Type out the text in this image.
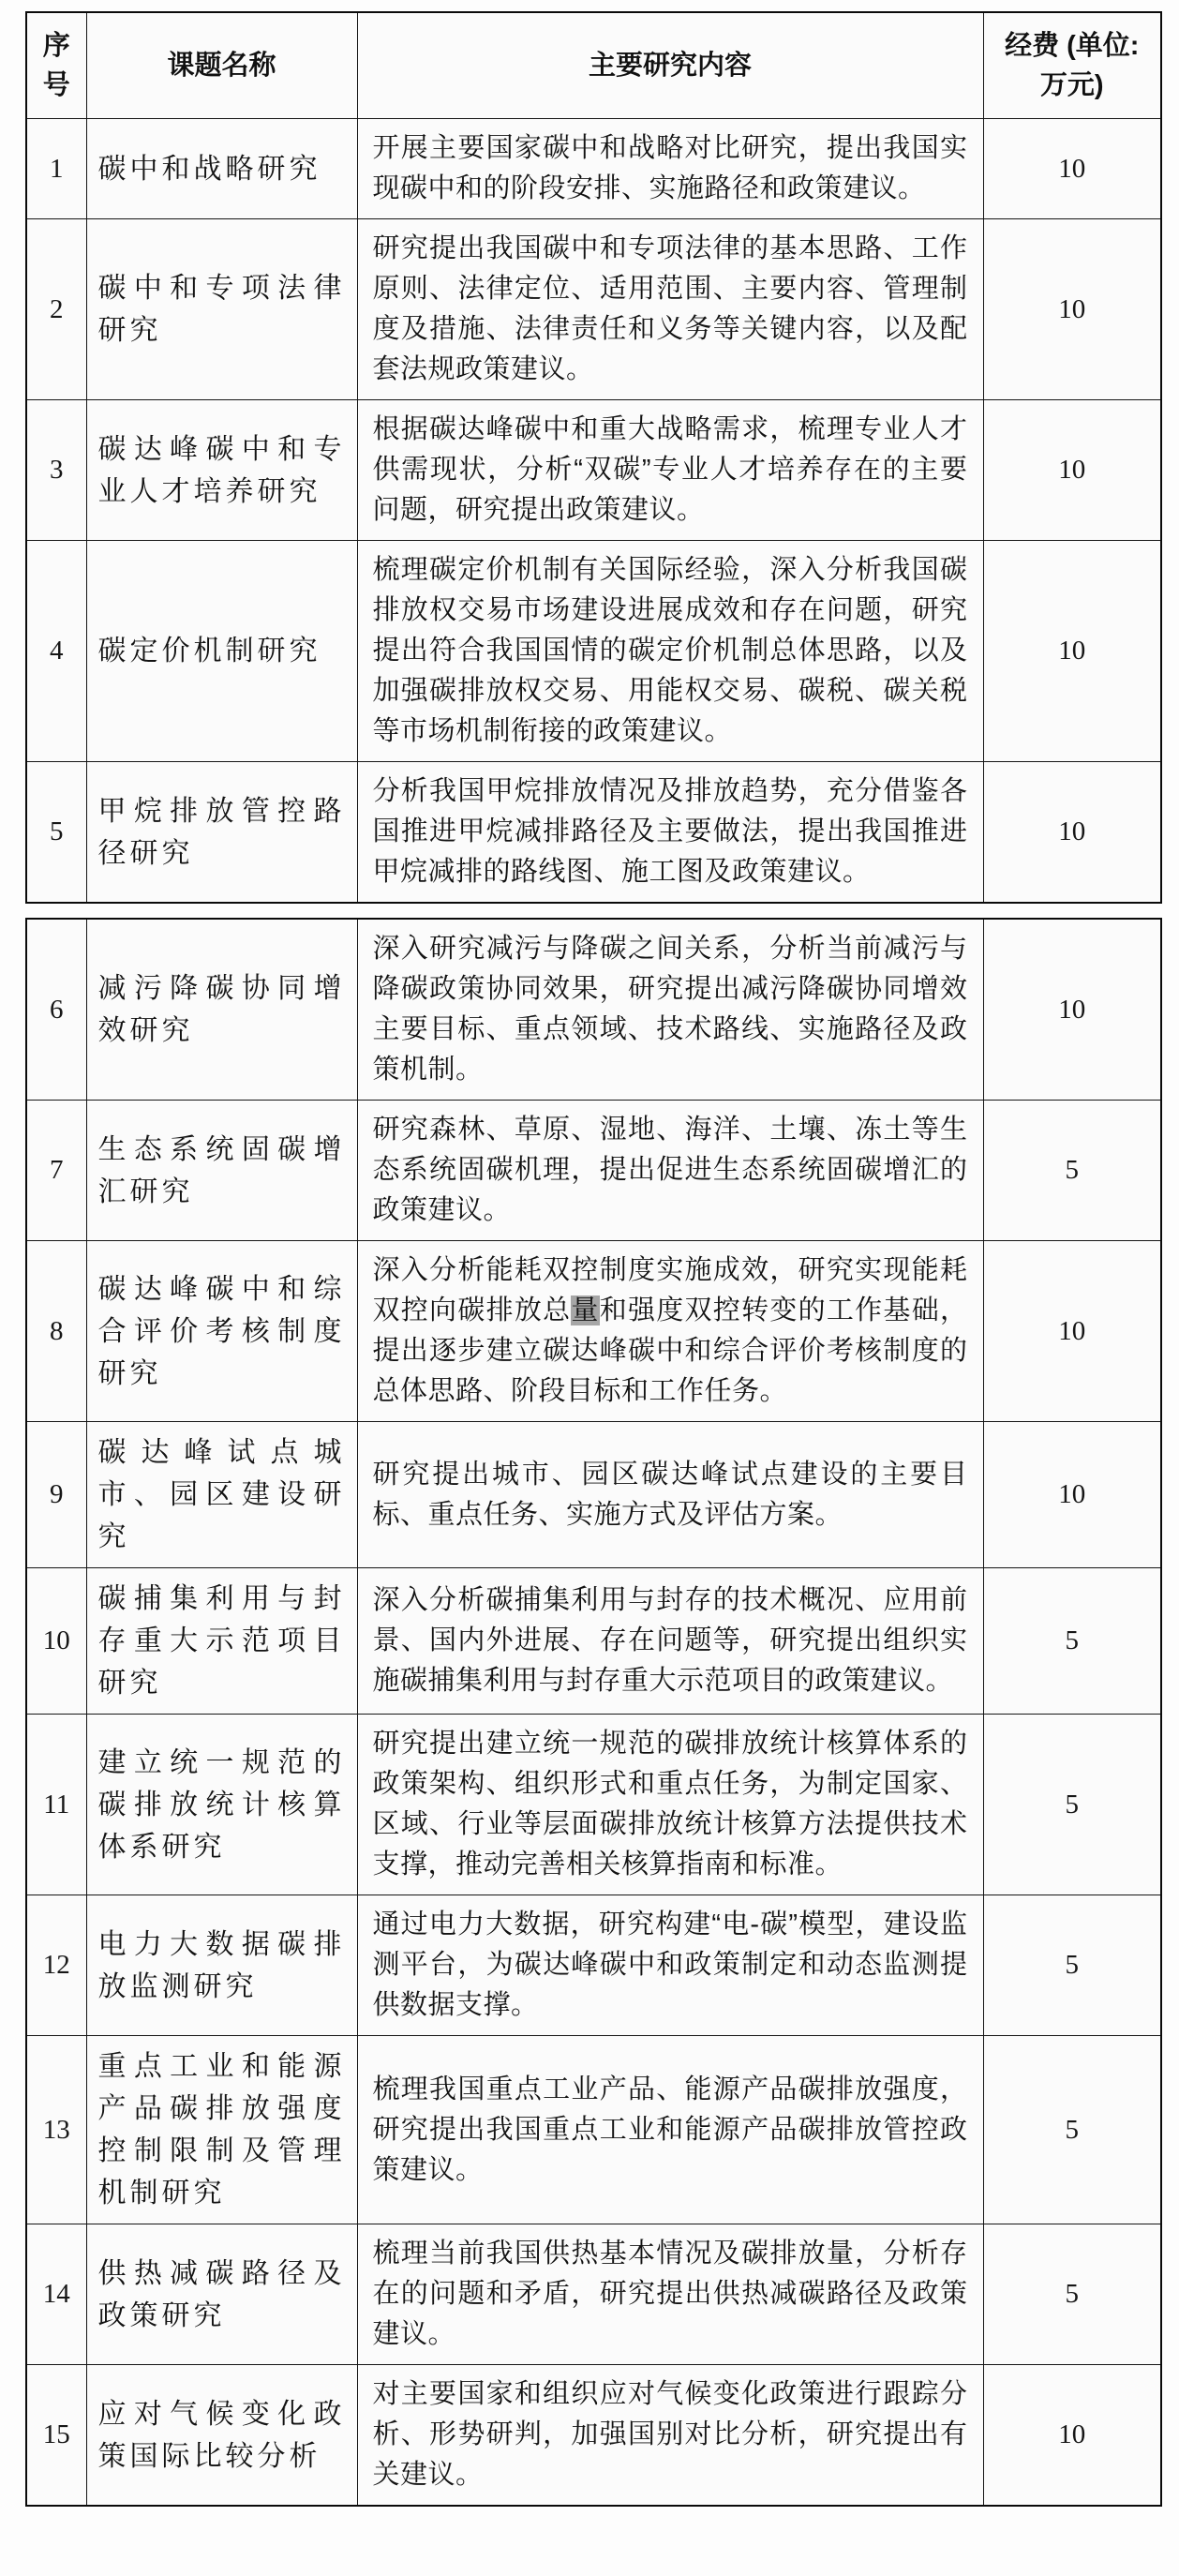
序号	课题名称	主要研究内容	经费 (单位: 万元)
1	碳中和战略研究	开展主要国家碳中和战略对比研究，提出我国实现碳中和的阶段安排、实施路径和政策建议。	10
2	碳中和专项法律研究	研究提出我国碳中和专项法律的基本思路、工作原则、法律定位、适用范围、主要内容、管理制度及措施、法律责任和义务等关键内容，以及配套法规政策建议。	10
3	碳达峰碳中和专业人才培养研究	根据碳达峰碳中和重大战略需求，梳理专业人才供需现状，分析“双碳”专业人才培养存在的主要问题，研究提出政策建议。	10
4	碳定价机制研究	梳理碳定价机制有关国际经验，深入分析我国碳排放权交易市场建设进展成效和存在问题，研究提出符合我国国情的碳定价机制总体思路，以及加强碳排放权交易、用能权交易、碳税、碳关税等市场机制衔接的政策建议。	10
5	甲烷排放管控路径研究	分析我国甲烷排放情况及排放趋势，充分借鉴各国推进甲烷减排路径及主要做法，提出我国推进甲烷减排的路线图、施工图及政策建议。	10
6	减污降碳协同增效研究	深入研究减污与降碳之间关系，分析当前减污与降碳政策协同效果，研究提出减污降碳协同增效主要目标、重点领域、技术路线、实施路径及政策机制。	10
7	生态系统固碳增汇研究	研究森林、草原、湿地、海洋、土壤、冻土等生态系统固碳机理，提出促进生态系统固碳增汇的政策建议。	5
8	碳达峰碳中和综合评价考核制度研究	深入分析能耗双控制度实施成效，研究实现能耗双控向碳排放总量和强度双控转变的工作基础，提出逐步建立碳达峰碳中和综合评价考核制度的总体思路、阶段目标和工作任务。	10
9	碳达峰试点城市、园区建设研究	研究提出城市、园区碳达峰试点建设的主要目标、重点任务、实施方式及评估方案。	10
10	碳捕集利用与封存重大示范项目研究	深入分析碳捕集利用与封存的技术概况、应用前景、国内外进展、存在问题等，研究提出组织实施碳捕集利用与封存重大示范项目的政策建议。	5
11	建立统一规范的碳排放统计核算体系研究	研究提出建立统一规范的碳排放统计核算体系的政策架构、组织形式和重点任务，为制定国家、区域、行业等层面碳排放统计核算方法提供技术支撑，推动完善相关核算指南和标准。	5
12	电力大数据碳排放监测研究	通过电力大数据，研究构建“电-碳”模型，建设监测平台，为碳达峰碳中和政策制定和动态监测提供数据支撑。	5
13	重点工业和能源产品碳排放强度控制限制及管理机制研究	梳理我国重点工业产品、能源产品碳排放强度，研究提出我国重点工业和能源产品碳排放管控政策建议。	5
14	供热减碳路径及政策研究	梳理当前我国供热基本情况及碳排放量，分析存在的问题和矛盾，研究提出供热减碳路径及政策建议。	5
15	应对气候变化政策国际比较分析	对主要国家和组织应对气候变化政策进行跟踪分析、形势研判，加强国别对比分析，研究提出有关建议。	10
